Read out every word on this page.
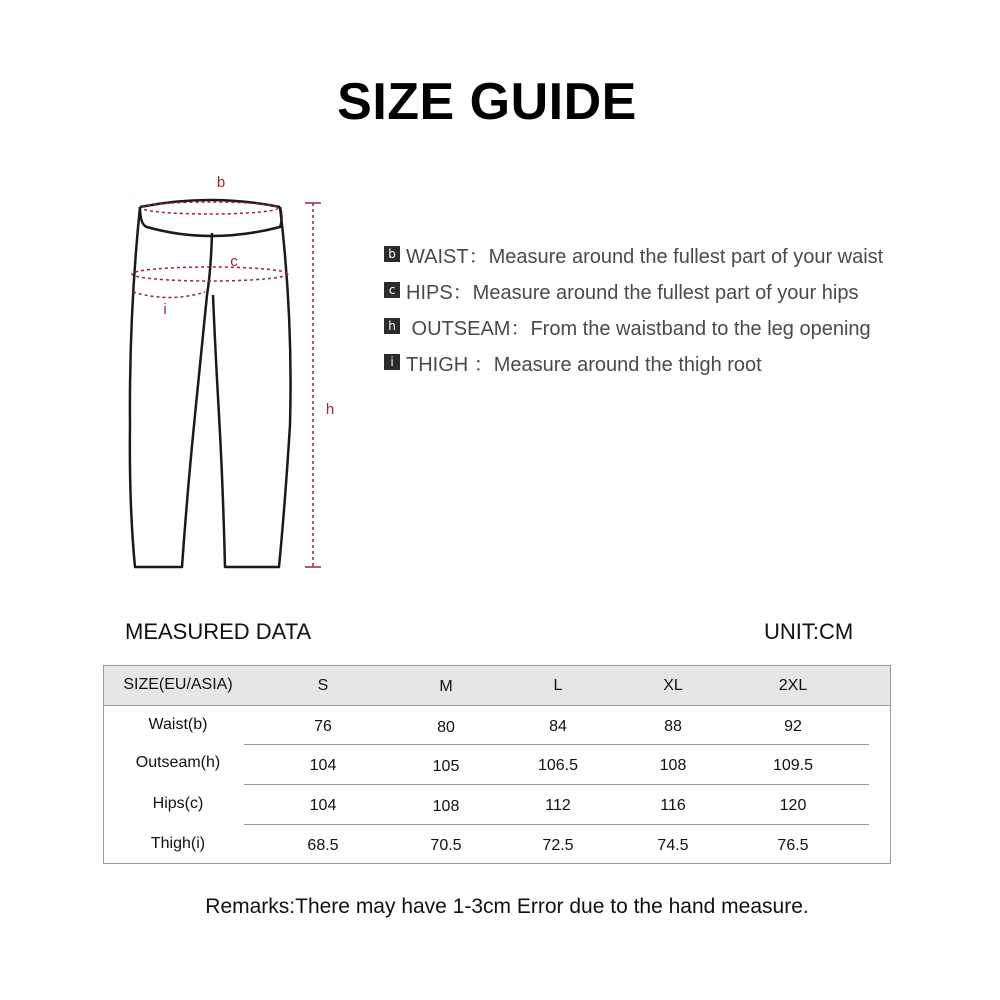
SIZE GUIDE
b
c
i
h
b WAIST：Measure around the fullest part of your waist
c HIPS：Measure around the fullest part of your hips
h OUTSEAM：From the waistband to the leg opening
i THIGH ：Measure around the thigh root
MEASURED DATA	UNIT:CM
SIZE(EU/ASIA)	S	M	L	XL	2XL
Waist(b)	76	80	84	88	92
Outseam(h)	104	105	106.5	108	109.5
Hips(c)	104	108	112	116	120
Thigh(i)	68.5	70.5	72.5	74.5	76.5
Remarks:There may have 1-3cm Error due to the hand measure.
